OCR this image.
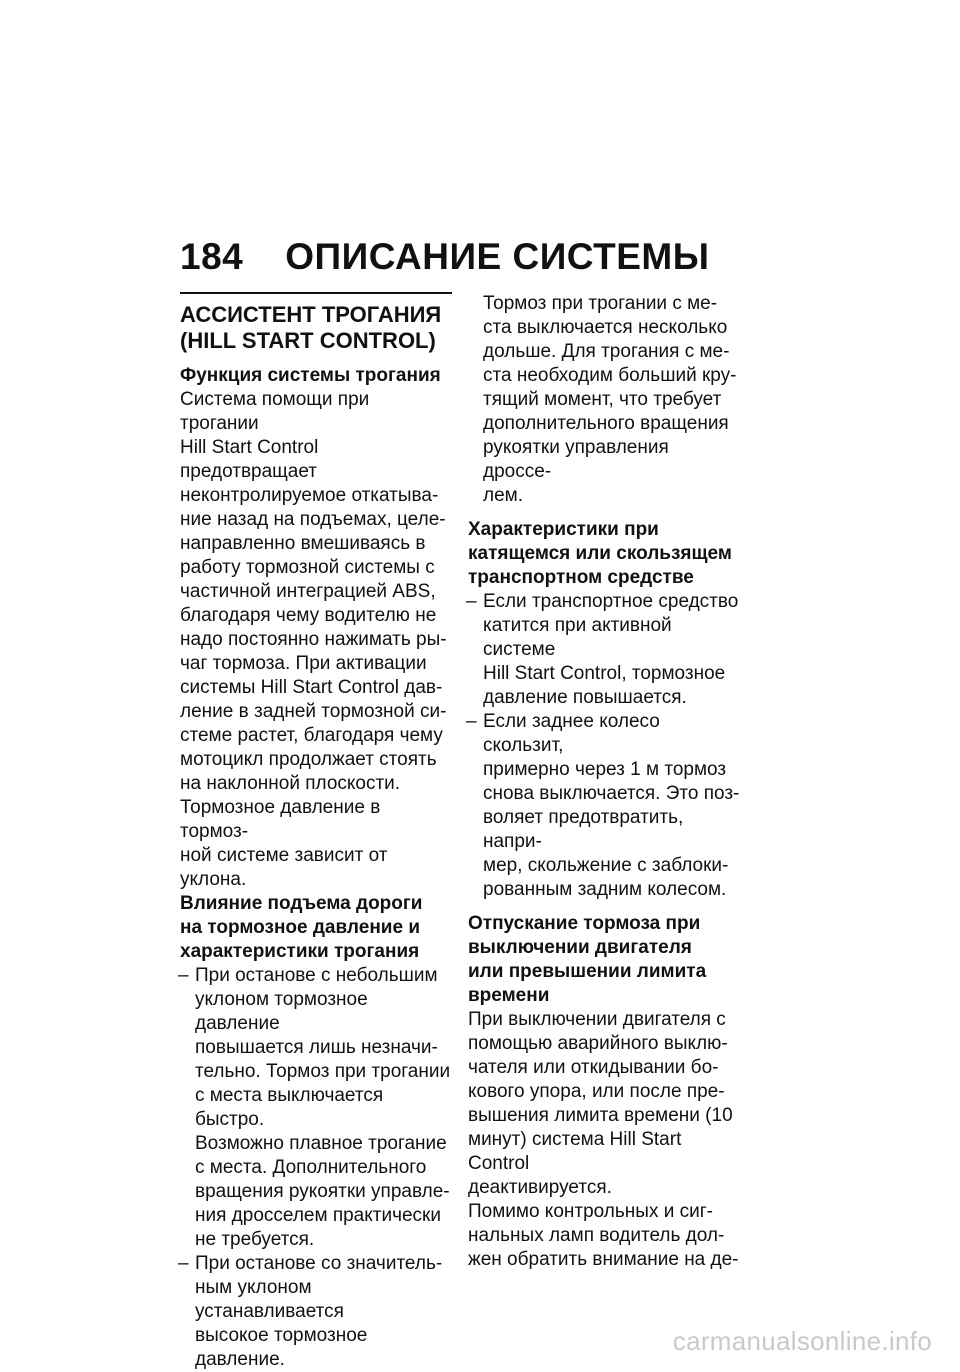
184 ОПИСАНИЕ СИСТЕМЫ
АССИСТЕНТ ТРОГАНИЯ
(HILL START CONTROL)
Функция системы трогания
Система помощи при трогании
Hill Start Control предотвращает
неконтролируемое откатыва-
ние назад на подъемах, целе-
направленно вмешиваясь в
работу тормозной системы с
частичной интеграцией ABS,
благодаря чему водителю не
надо постоянно нажимать ры-
чаг тормоза. При активации
системы Hill Start Control дав-
ление в задней тормозной си-
стеме растет, благодаря чему
мотоцикл продолжает стоять
на наклонной плоскости.
Тормозное давление в тормоз-
ной системе зависит от уклона.
Влияние подъема дороги
на тормозное давление и
характеристики трогания
– При останове с небольшим
уклоном тормозное давление
повышается лишь незначи-
тельно. Тормоз при трогании
с места выключается быстро.
Возможно плавное трогание
с места. Дополнительного
вращения рукоятки управле-
ния дросселем практически
не требуется.
– При останове со значитель-
ным уклоном устанавливается
высокое тормозное давление.
Тормоз при трогании с ме-
ста выключается несколько
дольше. Для трогания с ме-
ста необходим больший кру-
тящий момент, что требует
дополнительного вращения
рукоятки управления дроссе-
лем.
Характеристики при
катящемся или скользящем
транспортном средстве
– Если транспортное средство
катится при активной системе
Hill Start Control, тормозное
давление повышается.
– Если заднее колесо скользит,
примерно через 1 м тормоз
снова выключается. Это поз-
воляет предотвратить, напри-
мер, скольжение с заблоки-
рованным задним колесом.
Отпускание тормоза при
выключении двигателя
или превышении лимита
времени
При выключении двигателя с
помощью аварийного выклю-
чателя или откидывании бо-
кового упора, или после пре-
вышения лимита времени (10
минут) система Hill Start Control
деактивируется.
Помимо контрольных и сиг-
нальных ламп водитель дол-
жен обратить внимание на де-
carmanualsonline.info
